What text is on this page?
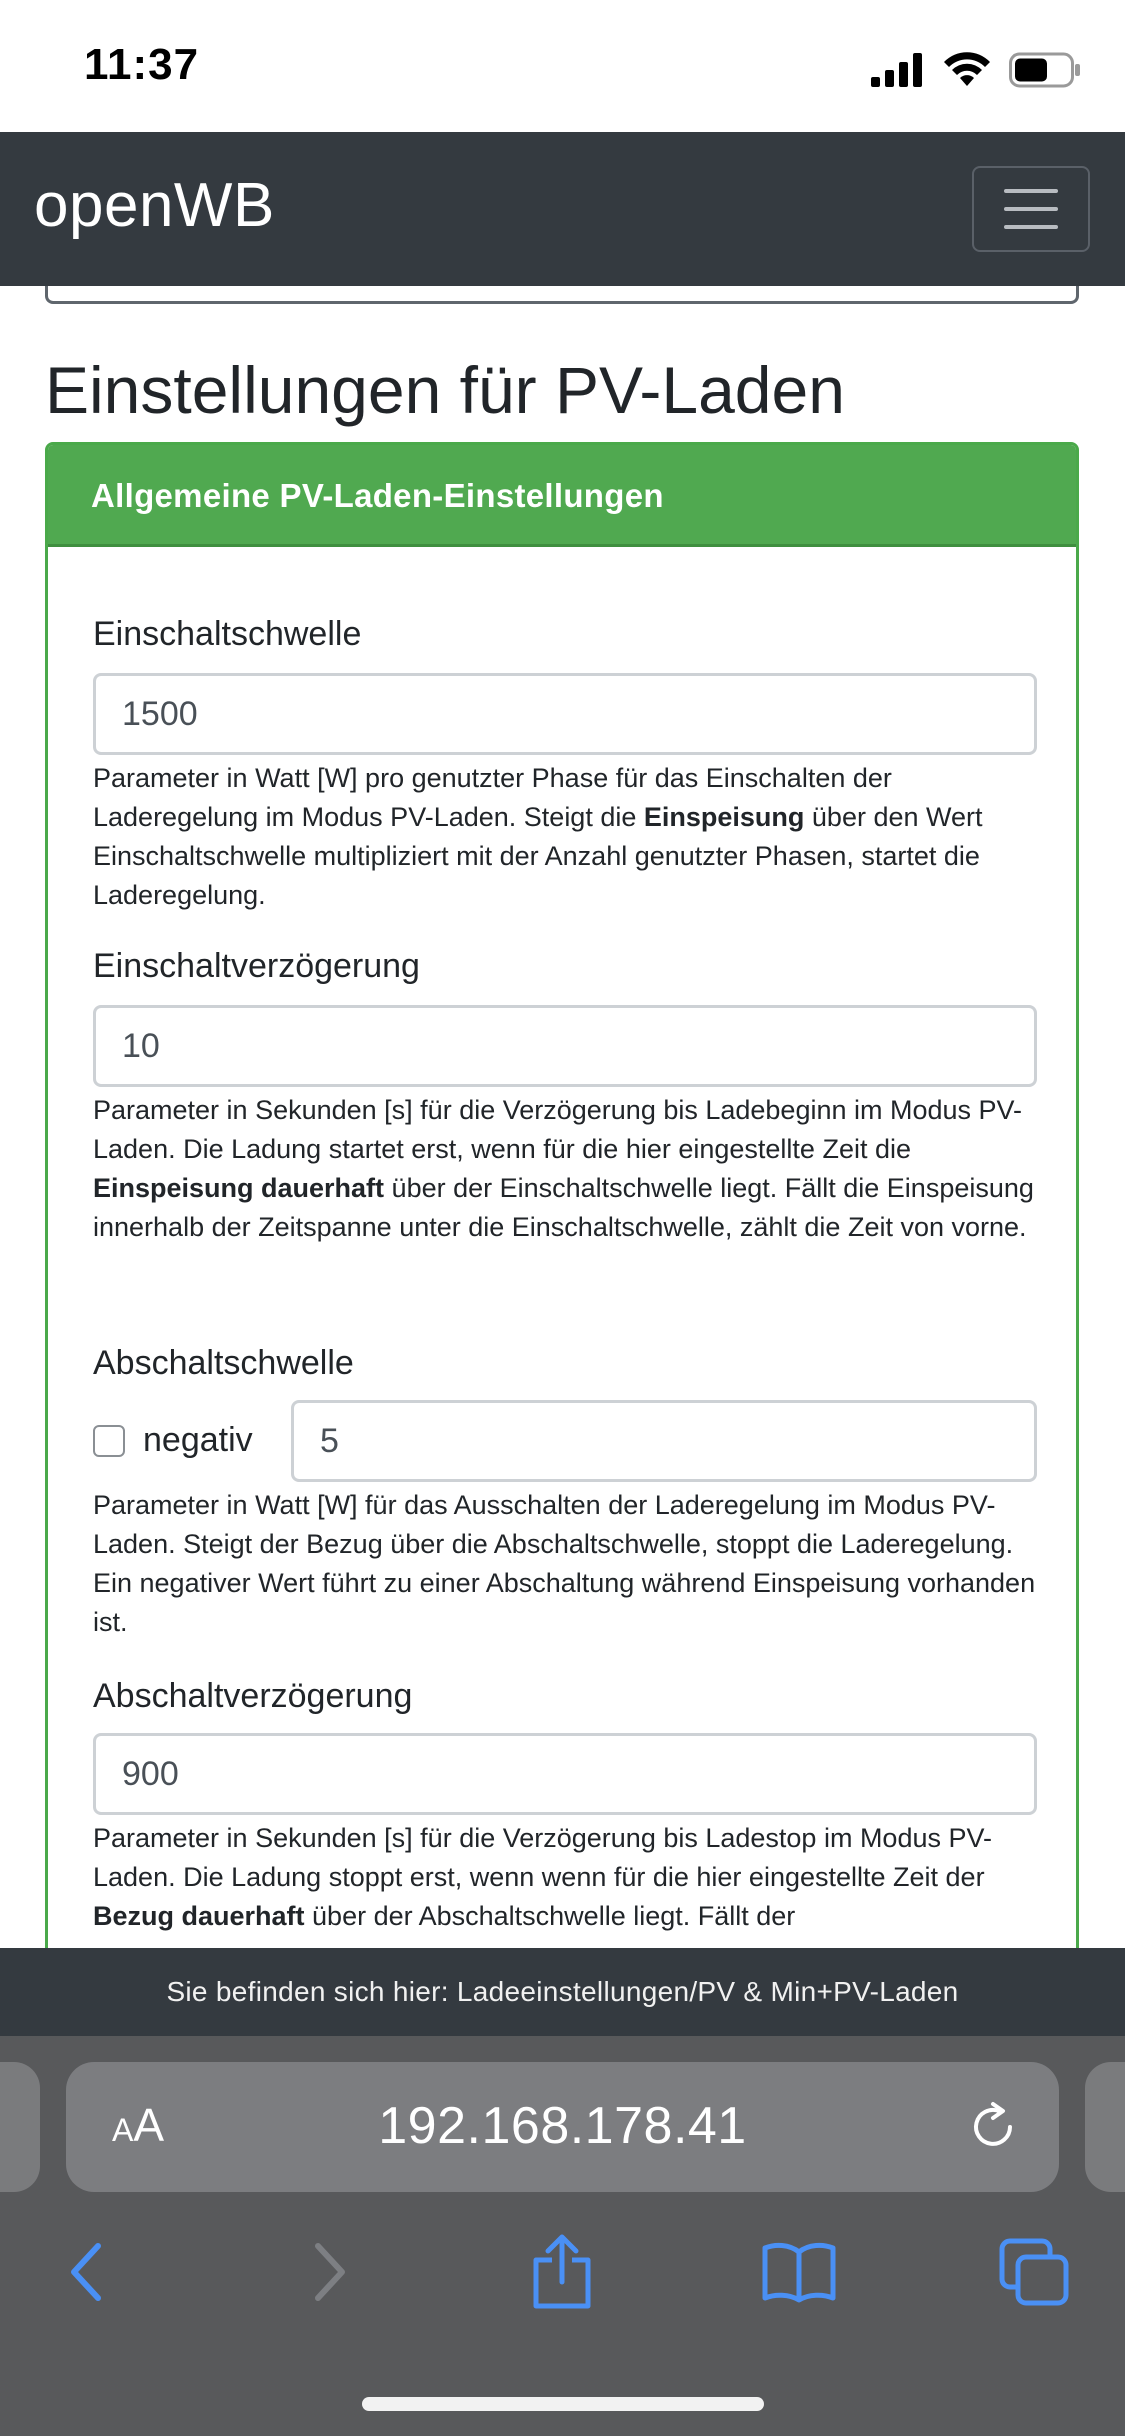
11:37
openWB
Einstellungen für PV-Laden
Allgemeine PV-Laden-Einstellungen
Einschaltschwelle
1500
Parameter in Watt [W] pro genutzter Phase für das Einschalten der Laderegelung im Modus PV-Laden. Steigt die Einspeisung über den Wert Einschaltschwelle multipliziert mit der Anzahl genutzter Phasen, startet die Laderegelung.
Einschaltverzögerung
10
Parameter in Sekunden [s] für die Verzögerung bis Ladebeginn im Modus PV-Laden. Die Ladung startet erst, wenn für die hier eingestellte Zeit die Einspeisung dauerhaft über der Einschaltschwelle liegt. Fällt die Einspeisung innerhalb der Zeitspanne unter die Einschaltschwelle, zählt die Zeit von vorne.
Abschaltschwelle
negativ
5
Parameter in Watt [W] für das Ausschalten der Laderegelung im Modus PV-Laden. Steigt der Bezug über die Abschaltschwelle, stoppt die Laderegelung. Ein negativer Wert führt zu einer Abschaltung während Einspeisung vorhanden ist.
Abschaltverzögerung
900
Parameter in Sekunden [s] für die Verzögerung bis Ladestop im Modus PV-Laden. Die Ladung stoppt erst, wenn wenn für die hier eingestellte Zeit der Bezug dauerhaft über der Abschaltschwelle liegt. Fällt der
Sie befinden sich hier: Ladeeinstellungen/PV & Min+PV-Laden
AA	192.168.178.41
